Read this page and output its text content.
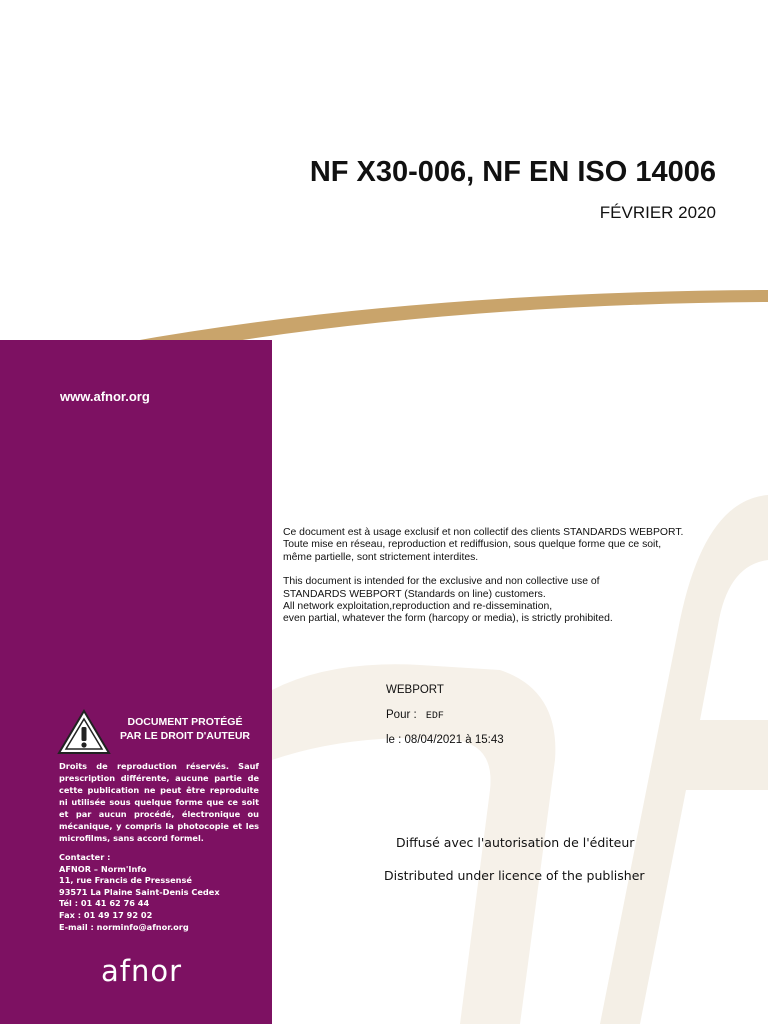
NF X30-006, NF EN ISO 14006
FÉVRIER 2020
www.afnor.org
DOCUMENT PROTÉGÉ
PAR LE DROIT D'AUTEUR

Droits de reproduction réservés. Sauf prescription différente, aucune partie de cette publication ne peut être reproduite ni utilisée sous quelque forme que ce soit et par aucun procédé, électronique ou mécanique, y compris la photocopie et les microfilms, sans accord formel.

Contacter :
AFNOR – Norm'Info
11, rue Francis de Pressensé
93571 La Plaine Saint-Denis Cedex
Tél : 01 41 62 76 44
Fax : 01 49 17 92 02
E-mail : norminfo@afnor.org
afnor

Ce document est à usage exclusif et non collectif des clients STANDARDS WEBPORT.
Toute mise en réseau, reproduction et rediffusion, sous quelque forme que ce soit,
même partielle, sont strictement interdites.

This document is intended for the exclusive and non collective use of
STANDARDS WEBPORT (Standards on line) customers.
All network exploitation,reproduction and re-dissemination,
even partial, whatever the form (harcopy or media), is strictly prohibited.

WEBPORT
Pour : EDF
le : 08/04/2021 à 15:43
Diffusé avec l'autorisation de l'éditeur
Distributed under licence of the publisher
